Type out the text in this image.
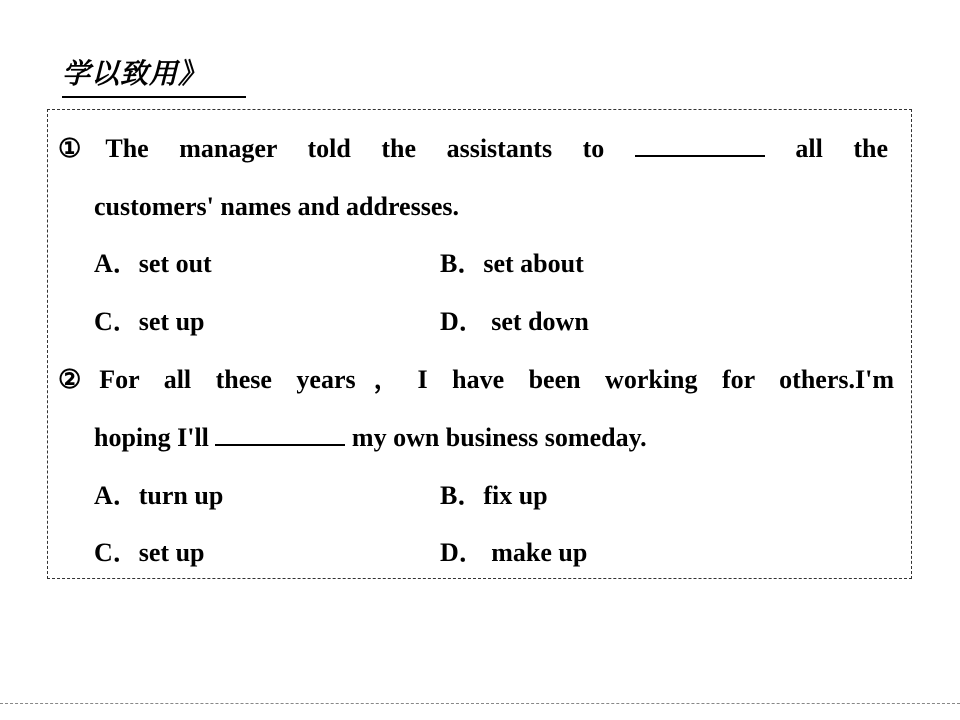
学以致用》
①The manager told the assistants to	all the
customers' names and addresses.
A．set out	B．set about
C．set up	D． set down
②For all these years，I have been working for others.I'm
hoping I'll	my own business someday.
A．turn up	B．fix up
C．set up	D． make up
